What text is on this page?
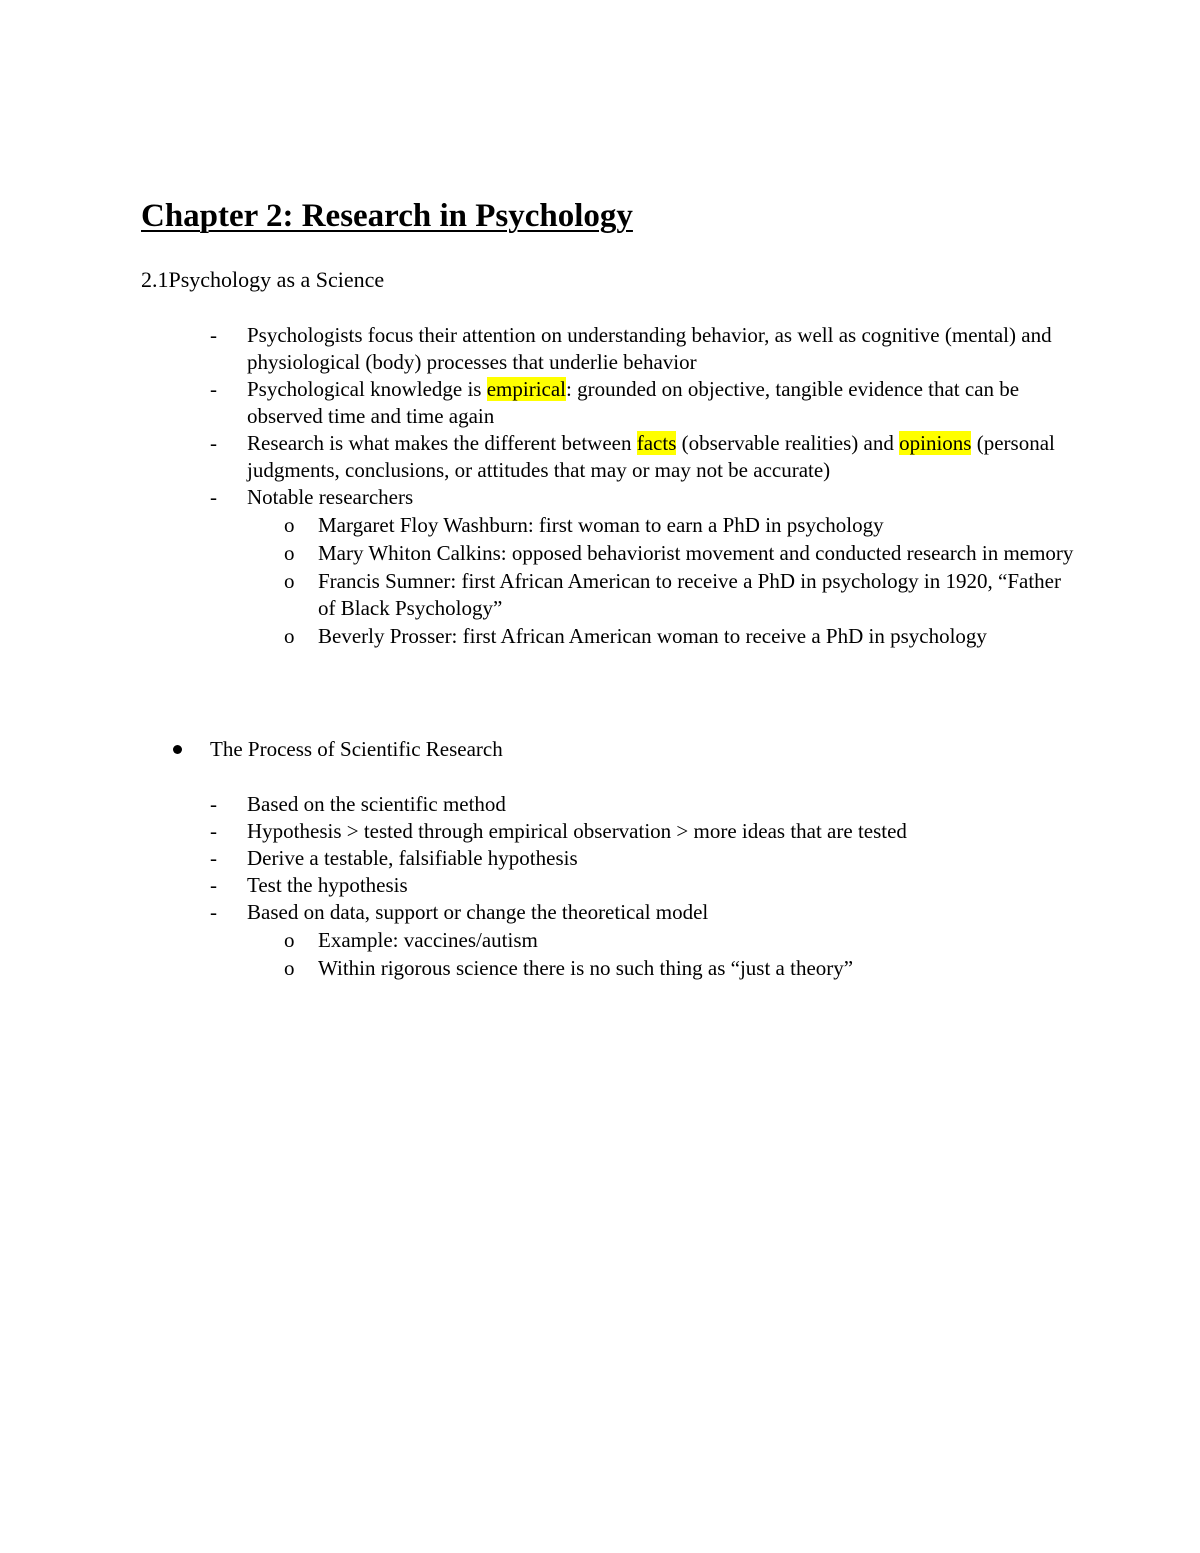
Chapter 2: Research in Psychology
2.1Psychology as a Science
-	Psychologists focus their attention on understanding behavior, as well as cognitive (mental) and physiological (body) processes that underlie behavior
-	Psychological knowledge is empirical: grounded on objective, tangible evidence that can be observed time and time again
-	Research is what makes the different between facts (observable realities) and opinions (personal judgments, conclusions, or attitudes that may or may not be accurate)
-	Notable researchers
o	Margaret Floy Washburn: first woman to earn a PhD in psychology
o	Mary Whiton Calkins: opposed behaviorist movement and conducted research in memory
o	Francis Sumner: first African American to receive a PhD in psychology in 1920, “Father of Black Psychology”
o	Beverly Prosser: first African American woman to receive a PhD in psychology
The Process of Scientific Research
-	Based on the scientific method
-	Hypothesis > tested through empirical observation > more ideas that are tested
-	Derive a testable, falsifiable hypothesis
-	Test the hypothesis
-	Based on data, support or change the theoretical model
o	Example: vaccines/autism
o	Within rigorous science there is no such thing as “just a theory”
